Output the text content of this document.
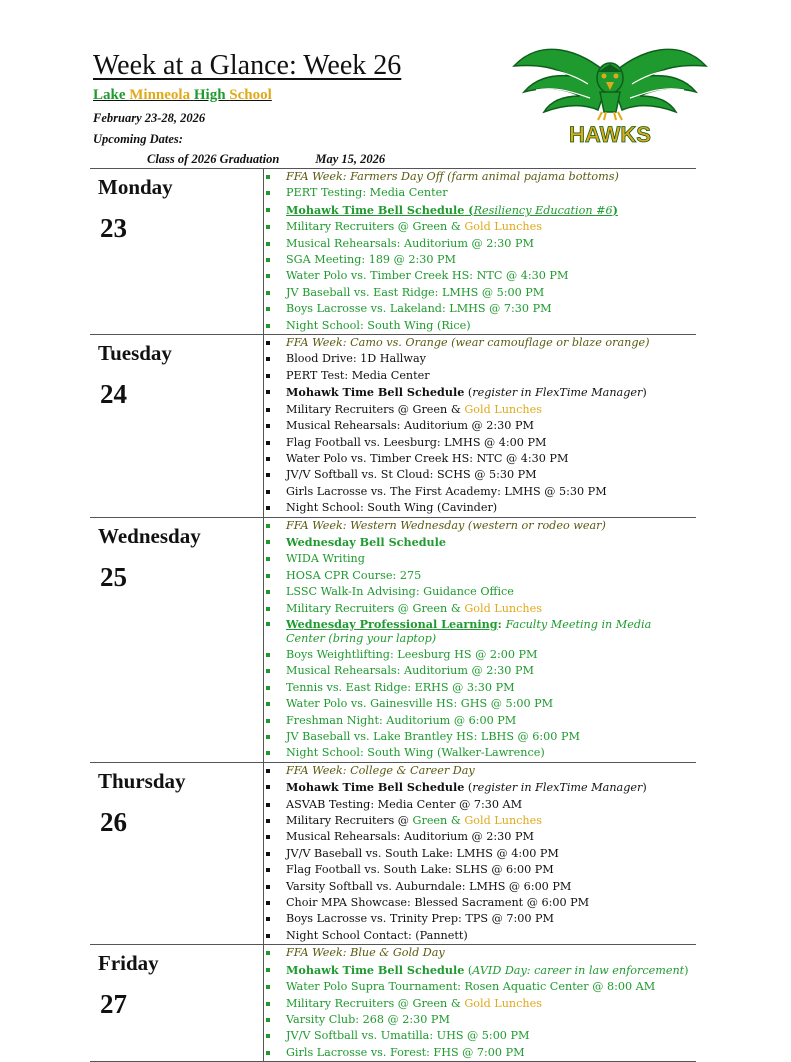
Week at a Glance: Week 26
Lake Minneola High School
February 23-28, 2026
Upcoming Dates:
Class of 2026 Graduation	May 15, 2026
HAWKS
Monday
23
FFA Week: Farmers Day Off (farm animal pajama bottoms)
PERT Testing: Media Center
Mohawk Time Bell Schedule (Resiliency Education #6)
Military Recruiters @ Green & Gold Lunches
Musical Rehearsals: Auditorium @ 2:30 PM
SGA Meeting: 189 @ 2:30 PM
Water Polo vs. Timber Creek HS: NTC @ 4:30 PM
JV Baseball vs. East Ridge: LMHS @ 5:00 PM
Boys Lacrosse vs. Lakeland: LMHS @ 7:30 PM
Night School: South Wing (Rice)
Tuesday
24
FFA Week: Camo vs. Orange (wear camouflage or blaze orange)
Blood Drive: 1D Hallway
PERT Test: Media Center
Mohawk Time Bell Schedule (register in FlexTime Manager)
Military Recruiters @ Green & Gold Lunches
Musical Rehearsals: Auditorium @ 2:30 PM
Flag Football vs. Leesburg: LMHS @ 4:00 PM
Water Polo vs. Timber Creek HS: NTC @ 4:30 PM
JV/V Softball vs. St Cloud: SCHS @ 5:30 PM
Girls Lacrosse vs. The First Academy: LMHS @ 5:30 PM
Night School: South Wing (Cavinder)
Wednesday
25
FFA Week: Western Wednesday (western or rodeo wear)
Wednesday Bell Schedule
WIDA Writing
HOSA CPR Course: 275
LSSC Walk-In Advising: Guidance Office
Military Recruiters @ Green & Gold Lunches
Wednesday Professional Learning: Faculty Meeting in Media Center (bring your laptop)
Boys Weightlifting: Leesburg HS @ 2:00 PM
Musical Rehearsals: Auditorium @ 2:30 PM
Tennis vs. East Ridge: ERHS @ 3:30 PM
Water Polo vs. Gainesville HS: GHS @ 5:00 PM
Freshman Night: Auditorium @ 6:00 PM
JV Baseball vs. Lake Brantley HS: LBHS @ 6:00 PM
Night School: South Wing (Walker-Lawrence)
Thursday
26
FFA Week: College & Career Day
Mohawk Time Bell Schedule (register in FlexTime Manager)
ASVAB Testing: Media Center @ 7:30 AM
Military Recruiters @ Green & Gold Lunches
Musical Rehearsals: Auditorium @ 2:30 PM
JV/V Baseball vs. South Lake: LMHS @ 4:00 PM
Flag Football vs. South Lake: SLHS @ 6:00 PM
Varsity Softball vs. Auburndale: LMHS @ 6:00 PM
Choir MPA Showcase: Blessed Sacrament @ 6:00 PM
Boys Lacrosse vs. Trinity Prep: TPS @ 7:00 PM
Night School Contact: (Pannett)
Friday
27
FFA Week: Blue & Gold Day
Mohawk Time Bell Schedule (AVID Day: career in law enforcement)
Water Polo Supra Tournament: Rosen Aquatic Center @ 8:00 AM
Military Recruiters @ Green & Gold Lunches
Varsity Club: 268 @ 2:30 PM
JV/V Softball vs. Umatilla: UHS @ 5:00 PM
Girls Lacrosse vs. Forest: FHS @ 7:00 PM
